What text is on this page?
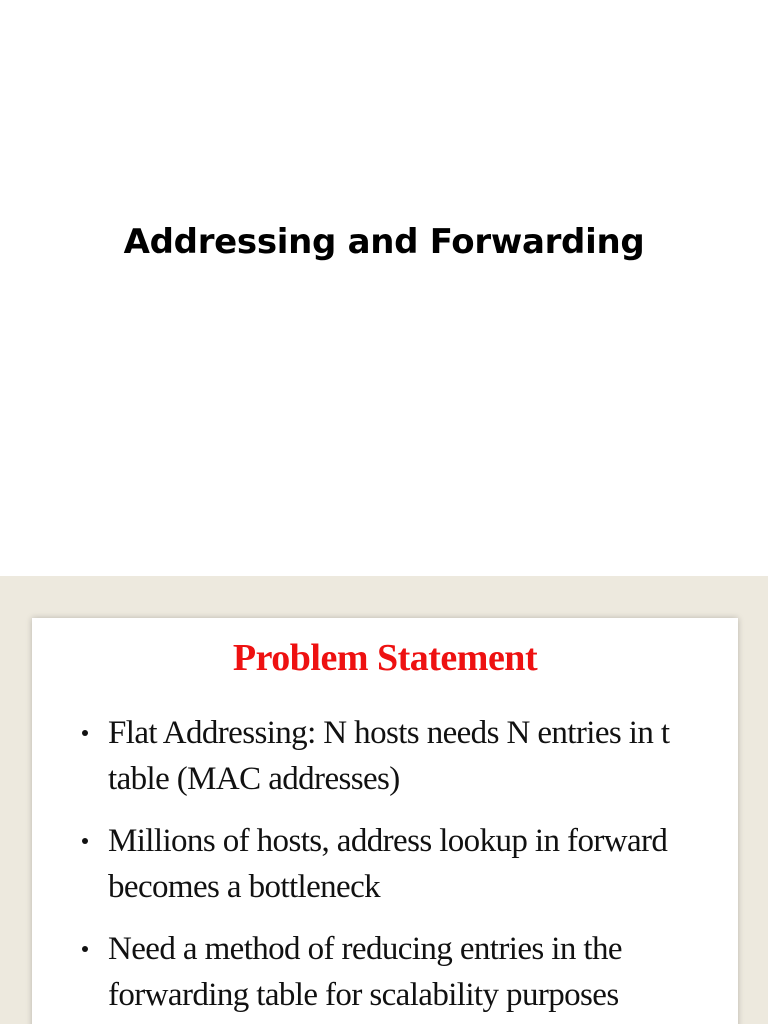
Addressing and Forwarding
Problem Statement
Flat Addressing: N hosts needs N entries in t
table (MAC addresses)
Millions of hosts, address lookup in forward
becomes a bottleneck
Need a method of reducing entries in the
forwarding table for scalability purposes
